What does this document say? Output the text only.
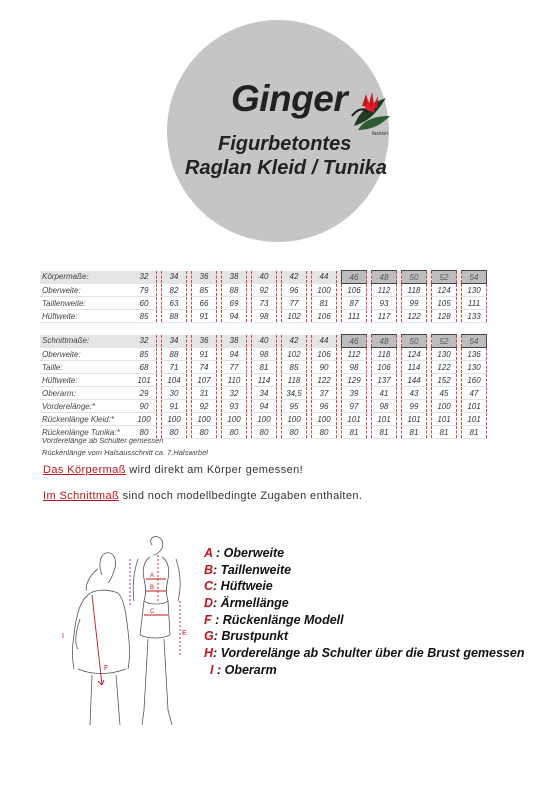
Ginger
fashion
Figurbetontes
Raglan Kleid / Tunika
Körpermaße:	32		34		36		38		40		42		44		46		48		50		52		54
Oberweite:	79		82		85		88		92		96		100		106		112		118		124		130
Taillenweite:	60		63		66		69		73		77		81		87		93		99		105		111
Hüftweite:	85		88		91		94		98		102		106		111		117		122		128		133
Schnittmaße:	32		34		36		38		40		42		44		46		48		50		52		54
Oberweite:	85		88		91		94		98		102		106		112		118		124		130		136
Taille:	68		71		74		77		81		85		90		98		106		114		122		130
Hüftweite:	101		104		107		110		114		118		122		129		137		144		152		160
Oberarm:	29		30		31		32		34		34,5		37		39		41		43		45		47
Vorderelänge:*	90		91		92		93		94		95		96		97		98		99		100		101
Rückenlänge Kleid:*	100		100		100		100		100		100		100		101		101		101		101		101
Rückenlänge Tunika:*	80		80		80		80		80		80		80		81		81		81		81		81
Vorderelänge ab Schulter gemessen
Rückenlänge vom Halsausschnitt ca. 7.Halswirbel
Das Körpermaß wird direkt am Körper gemessen!
Im Schnittmaß sind noch modellbedingte Zugaben enthalten.
I
F
A
B
C
E
A : Oberweite
B: Taillenweite
C: Hüftweie
D: Ärmellänge
F : Rückenlänge Modell
G: Brustpunkt
H: Vorderelänge ab Schulter über die Brust gemessen
I : Oberarm
